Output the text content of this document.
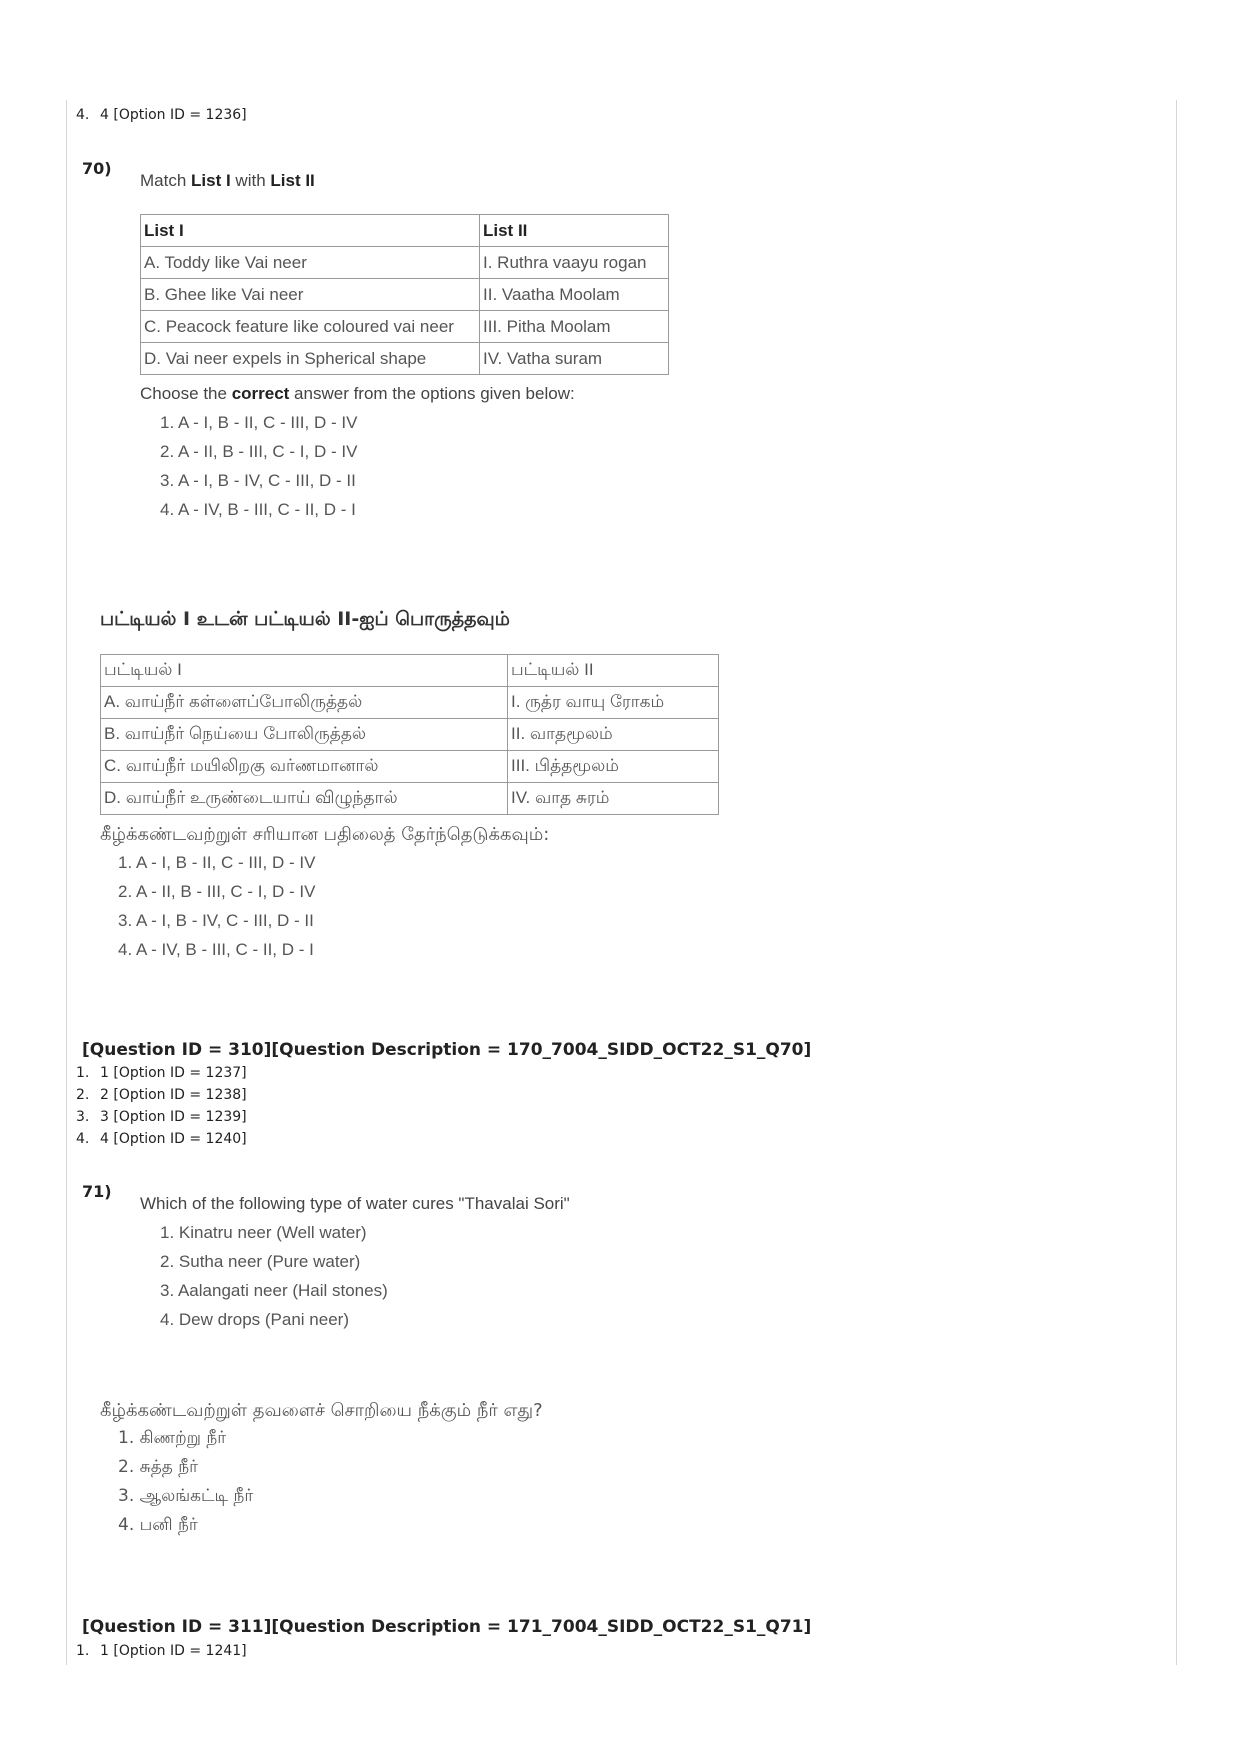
4. 4 [Option ID = 1236]
70)
Match List I with List II
List I	List II
A. Toddy like Vai neer	I. Ruthra vaayu rogan
B. Ghee like Vai neer	II. Vaatha Moolam
C. Peacock feature like coloured vai neer	III. Pitha Moolam
D. Vai neer expels in Spherical shape	IV. Vatha suram
Choose the correct answer from the options given below:
1. A - I, B - II, C - III, D - IV
2. A - II, B - III, C - I, D - IV
3. A - I, B - IV, C - III, D - II
4. A - IV, B - III, C - II, D - I
பட்டியல் I உடன் பட்டியல் II-ஐப் பொருத்தவும்
பட்டியல் I	பட்டியல் II
A. வாய்நீர் கள்ளைப்போலிருத்தல்	I. ருத்ர வாயு ரோகம்
B. வாய்நீர் நெய்யை போலிருத்தல்	II. வாதமூலம்
C. வாய்நீர் மயிலிறகு வர்ணமானால்	III. பித்தமூலம்
D. வாய்நீர் உருண்டையாய் விழுந்தால்	IV. வாத சுரம்
கீழ்க்கண்டவற்றுள் சரியான பதிலைத் தேர்ந்தெடுக்கவும்:
1. A - I, B - II, C - III, D - IV
2. A - II, B - III, C - I, D - IV
3. A - I, B - IV, C - III, D - II
4. A - IV, B - III, C - II, D - I
[Question ID = 310][Question Description = 170_7004_SIDD_OCT22_S1_Q70]
1. 1 [Option ID = 1237]
2. 2 [Option ID = 1238]
3. 3 [Option ID = 1239]
4. 4 [Option ID = 1240]
71)
Which of the following type of water cures "Thavalai Sori"
1. Kinatru neer (Well water)
2. Sutha neer (Pure water)
3. Aalangati neer (Hail stones)
4. Dew drops (Pani neer)
கீழ்க்கண்டவற்றுள் தவளைச் சொறியை நீக்கும் நீர் எது?
1. கிணற்று நீர்
2. சுத்த நீர்
3. ஆலங்கட்டி நீர்
4. பனி நீர்
[Question ID = 311][Question Description = 171_7004_SIDD_OCT22_S1_Q71]
1. 1 [Option ID = 1241]
